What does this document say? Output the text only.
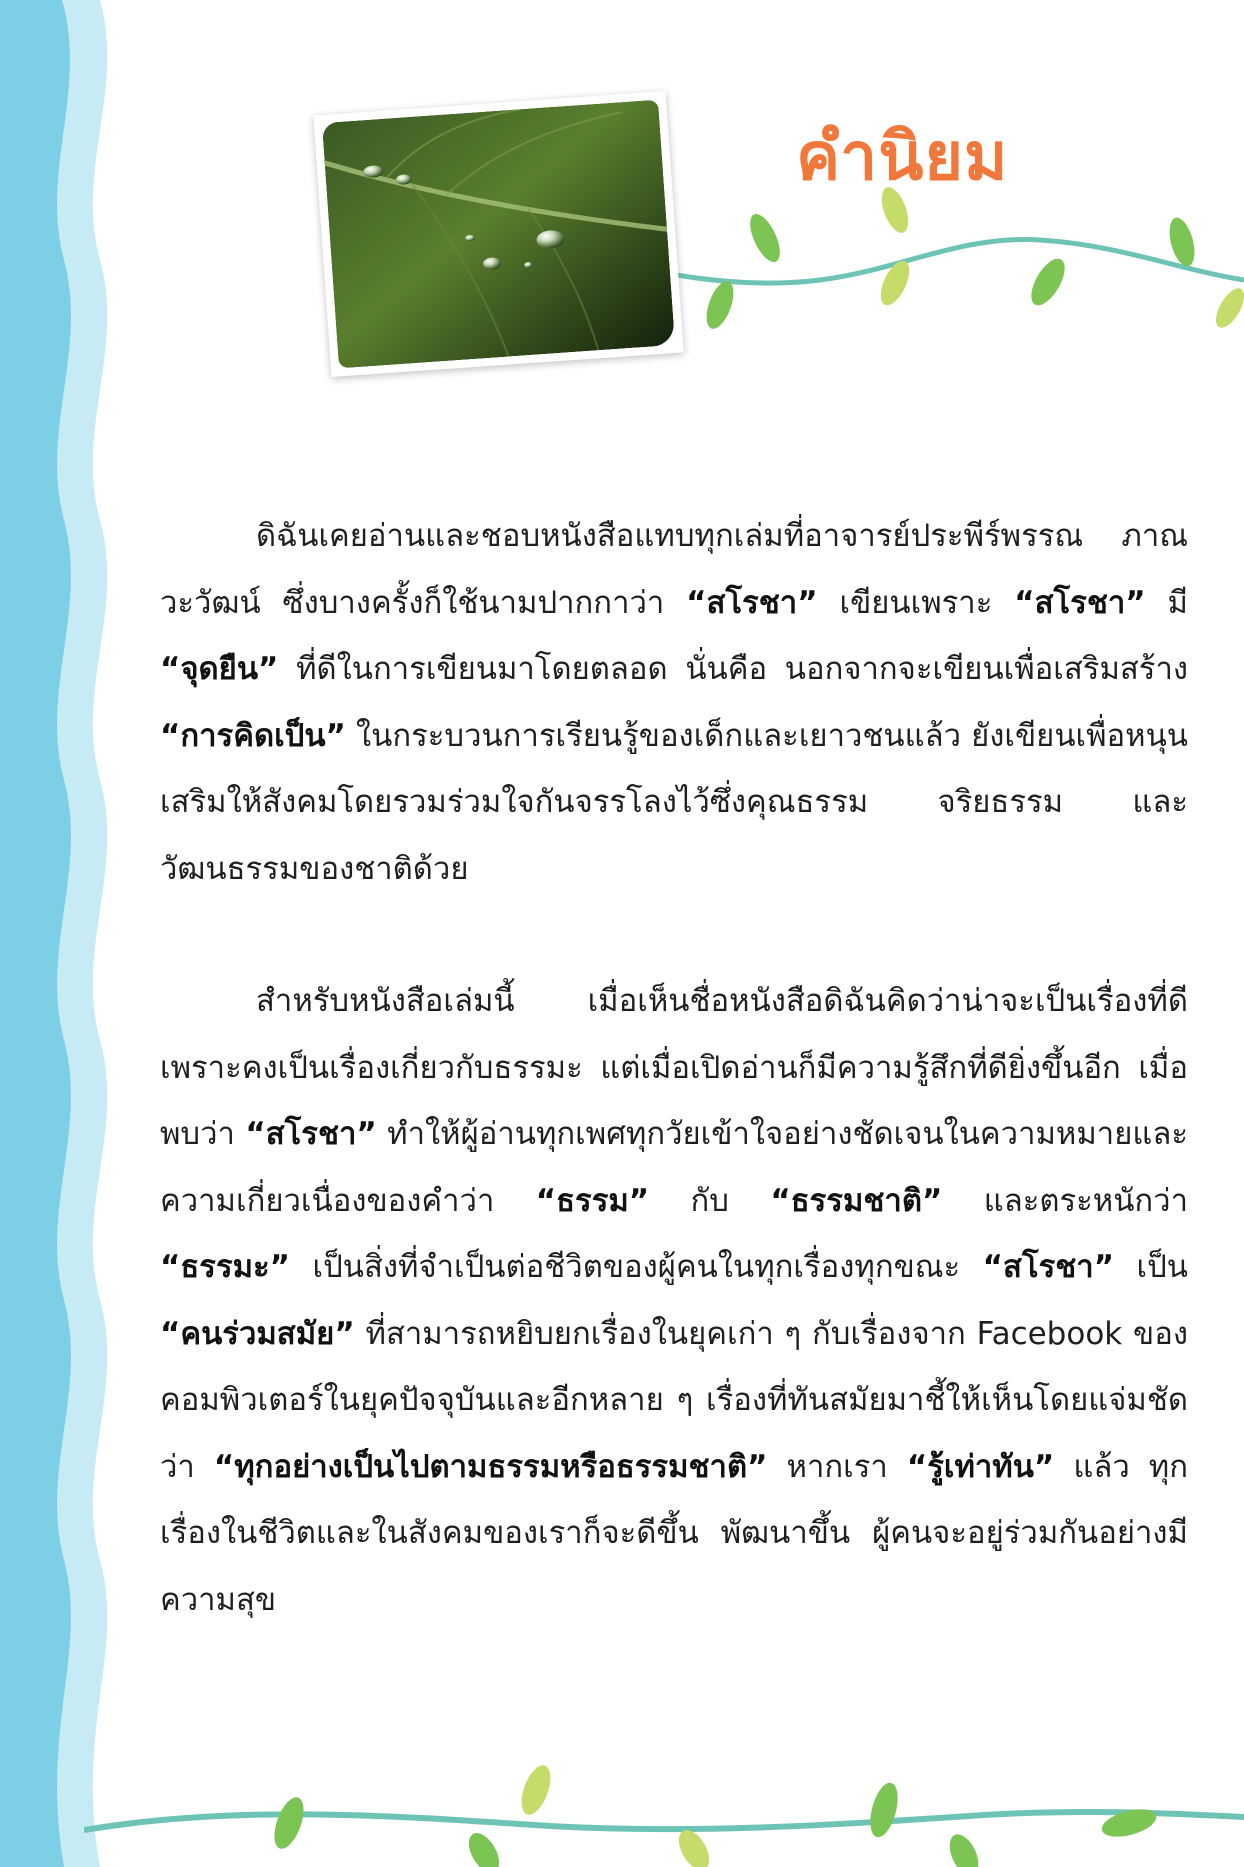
คำนิยม

ดิฉันเคยอ่านและชอบหนังสือแทบทุกเล่มที่อาจารย์ประพีร์พรรณ ภาณวะวัฒน์ ซึ่งบางครั้งก็ใช้นามปากกาว่า “สโรชา” เขียนเพราะ “สโรชา” มี “จุดยืน” ที่ดีในการเขียนมาโดยตลอด นั่นคือ นอกจากจะเขียนเพื่อเสริมสร้าง “การคิดเป็น” ในกระบวนการเรียนรู้ของเด็กและเยาวชนแล้ว ยังเขียนเพื่อหนุนเสริมให้สังคมโดยรวมร่วมใจกันจรรโลงไว้ซึ่งคุณธรรม จริยธรรม และวัฒนธรรมของชาติด้วย

สำหรับหนังสือเล่มนี้ เมื่อเห็นชื่อหนังสือดิฉันคิดว่าน่าจะเป็นเรื่องที่ดีเพราะคงเป็นเรื่องเกี่ยวกับธรรมะ แต่เมื่อเปิดอ่านก็มีความรู้สึกที่ดียิ่งขึ้นอีก เมื่อพบว่า “สโรชา” ทำให้ผู้อ่านทุกเพศทุกวัยเข้าใจอย่างชัดเจนในความหมายและความเกี่ยวเนื่องของคำว่า “ธรรม” กับ “ธรรมชาติ” และตระหนักว่า “ธรรมะ” เป็นสิ่งที่จำเป็นต่อชีวิตของผู้คนในทุกเรื่องทุกขณะ “สโรชา” เป็น “คนร่วมสมัย” ที่สามารถหยิบยกเรื่องในยุคเก่า ๆ กับเรื่องจาก Facebook ของคอมพิวเตอร์ในยุคปัจจุบันและอีกหลาย ๆ เรื่องที่ทันสมัยมาชี้ให้เห็นโดยแจ่มชัดว่า “ทุกอย่างเป็นไปตามธรรมหรือธรรมชาติ” หากเรา “รู้เท่าทัน” แล้ว ทุกเรื่องในชีวิตและในสังคมของเราก็จะดีขึ้น พัฒนาขึ้น ผู้คนจะอยู่ร่วมกันอย่างมีความสุข
